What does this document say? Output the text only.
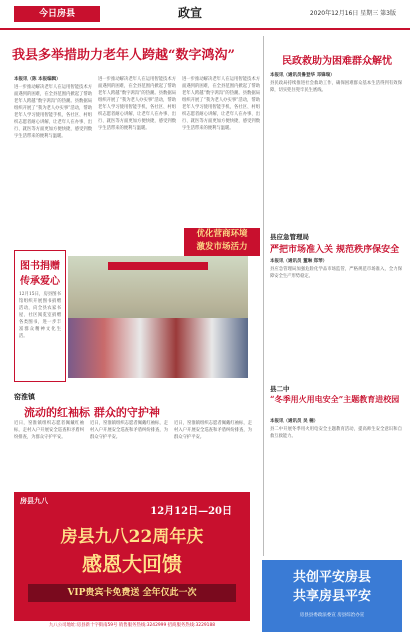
今日房县	政宣	2020年12月16日 星期三 第3版
我县多举措助力老年人跨越“数字鸿沟”
本报讯（陈 本报编辑）
进一步推动解决老年人在运用智能技术方面遇到的困难，在全县范围内掀起了帮助老年人跨越“数字鸿沟”的热潮。县数据局组织开展了“我为老人办实事”活动，帮助老年人学习使用智能手机，各社区、村组织志愿者耐心讲解，让老年人在办事、出行、就医等方面更加方便快捷，感受到数字生活带来的便利与温暖。
进一步推动解决老年人在运用智能技术方面遇到的困难，在全县范围内掀起了帮助老年人跨越“数字鸿沟”的热潮。县数据局组织开展了“我为老人办实事”活动，帮助老年人学习使用智能手机，各社区、村组织志愿者耐心讲解，让老年人在办事、出行、就医等方面更加方便快捷，感受到数字生活带来的便利与温暖。
进一步推动解决老年人在运用智能技术方面遇到的困难，在全县范围内掀起了帮助老年人跨越“数字鸿沟”的热潮。县数据局组织开展了“我为老人办实事”活动，帮助老年人学习使用智能手机，各社区、村组织志愿者耐心讲解，让老年人在办事、出行、就医等方面更加方便快捷，感受到数字生活带来的便利与温暖。
优化营商环境
激发市场活力
图书捐赠
传承爱心
12月15日，房县图书馆组织开展图书捐赠活动，向全县农家书屋、社区阅览室捐赠各类图书，进一步丰富群众精神文化生活。
窑淮镇
流动的红袖标 群众的守护神
近日，窑淮镇组织志愿者佩戴红袖标，走村入户开展安全巡查和矛盾纠纷排查，为群众守护平安。
近日，窑淮镇组织志愿者佩戴红袖标，走村入户开展安全巡查和矛盾纠纷排查，为群众守护平安。
近日，窑淮镇组织志愿者佩戴红袖标，走村入户开展安全巡查和矛盾纠纷排查，为群众守护平安。
房县九八
12月12日—20日
房县九八22周年庆
感恩大回馈
VIP贵宾卡免费送 全年仅此一次
九八公司地址:房县新十字街南59号 销售服务热线:3242999 招商服务热线:3229188
民政救助为困难群众解忧
本报讯（通讯员鲁登华 邓锋瑞）
县民政局持续推进社会救助工作，确保困难群众基本生活得到有效保障，切实兜住兜牢民生底线。
县应急管理局
严把市场准入关 规范秩序保安全
本报讯（通讯员 董琳 郑琴）
县应急管理局加强危险化学品市场监管，严格规范市场准入，全力保障安全生产形势稳定。
县二中
“冬季用火用电安全”主题教育进校园
本报讯（通讯员 吴 楠）
县二中开展冬季用火用电安全主题教育活动，提高师生安全意识和自救互救能力。
共创平安房县
共享房县平安
房县县委政法委宣 房县综治办宣
